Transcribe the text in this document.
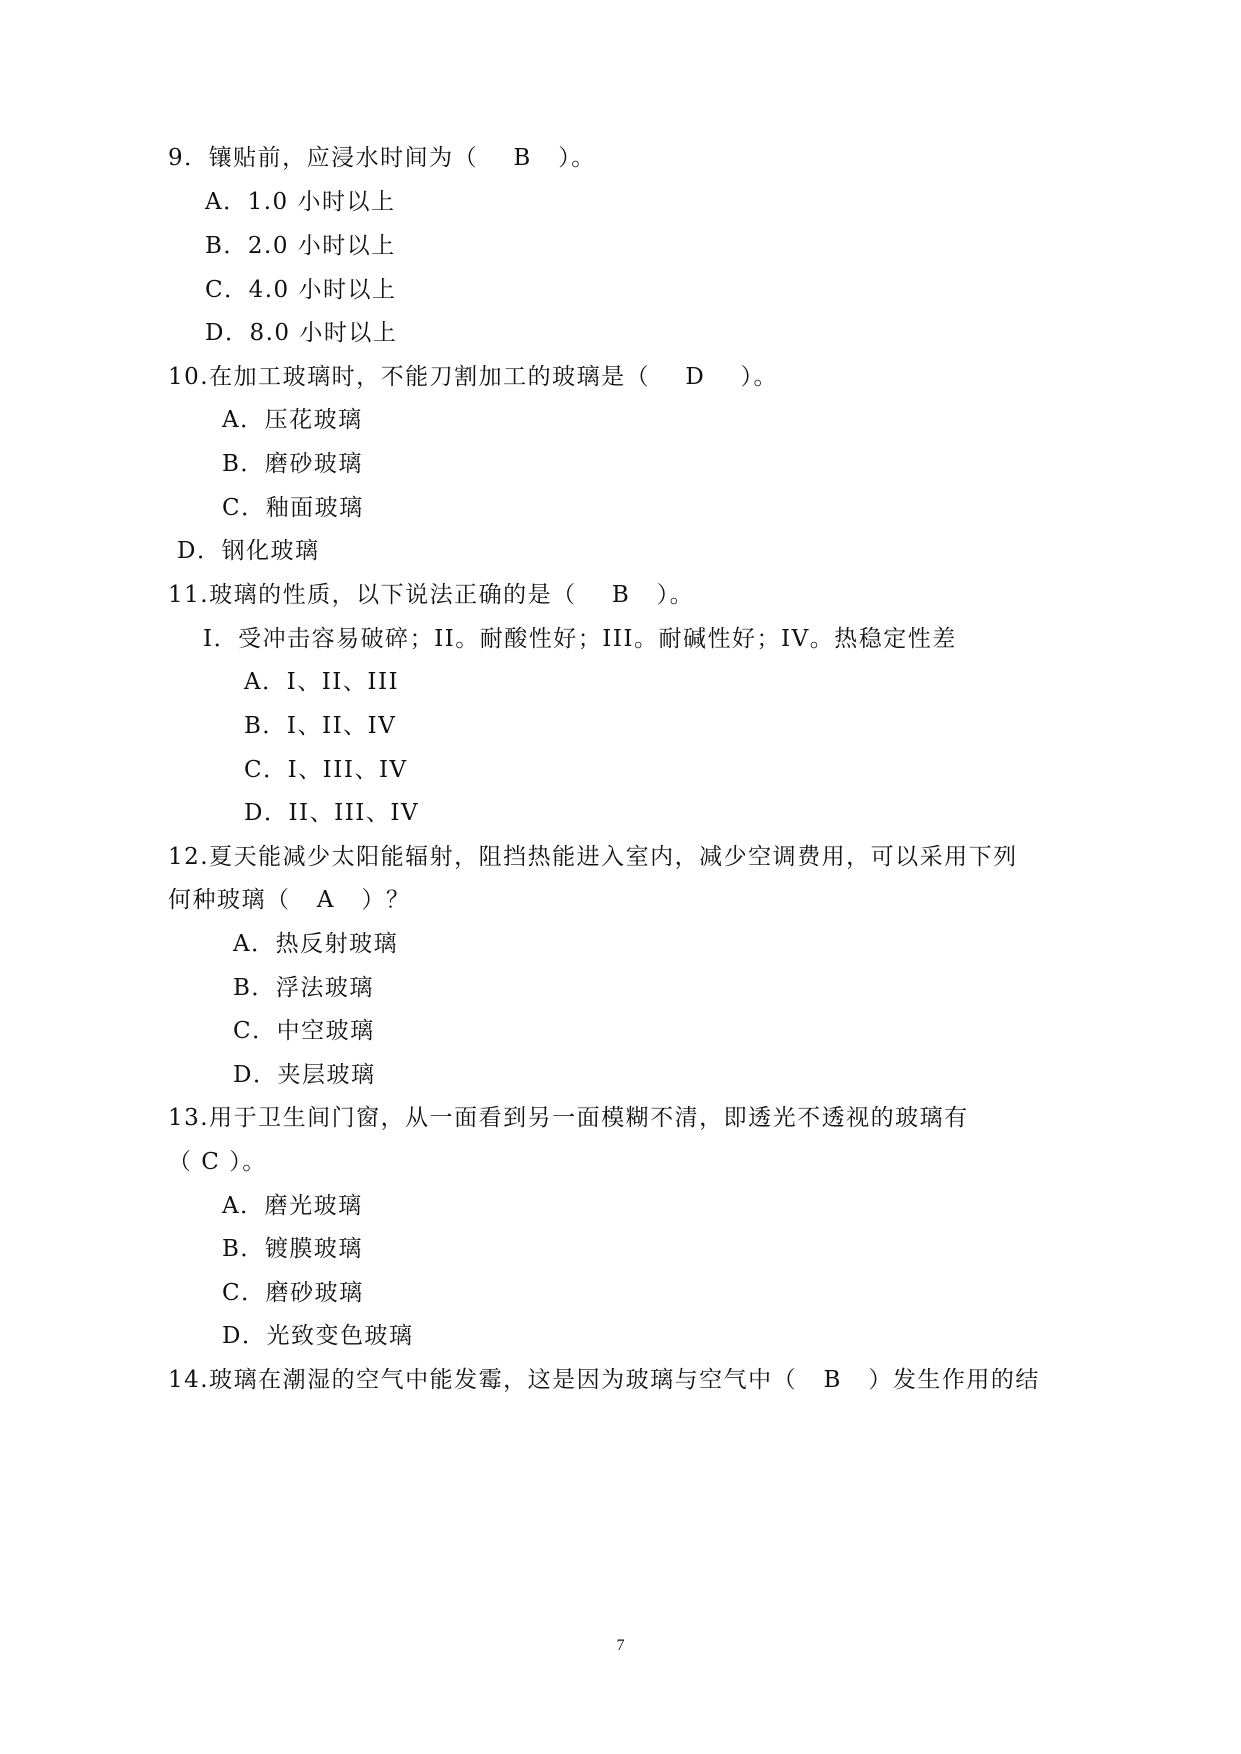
9．镶贴前，应浸水时间为（    B   ）。

A．1.0 小时以上

B．2.0 小时以上

C．4.0 小时以上

D．8.0 小时以上

10.在加工玻璃时，不能刀割加工的玻璃是（    D    ）。

A．压花玻璃

B．磨砂玻璃

C．釉面玻璃

D．钢化玻璃

11.玻璃的性质，以下说法正确的是（    B   ）。

I．受冲击容易破碎；II。耐酸性好；III。耐碱性好；IV。热稳定性差

A．I、II、III

B．I、II、IV

C．I、III、IV

D．II、III、IV

12.夏天能减少太阳能辐射，阻挡热能进入室内，减少空调费用，可以采用下列

何种玻璃（   A   ）？

A．热反射玻璃

B．浮法玻璃

C．中空玻璃

D．夹层玻璃

13.用于卫生间门窗，从一面看到另一面模糊不清，即透光不透视的玻璃有

（ C ）。

A．磨光玻璃

B．镀膜玻璃

C．磨砂玻璃

D．光致变色玻璃

14.玻璃在潮湿的空气中能发霉，这是因为玻璃与空气中（   B   ）发生作用的结

7
